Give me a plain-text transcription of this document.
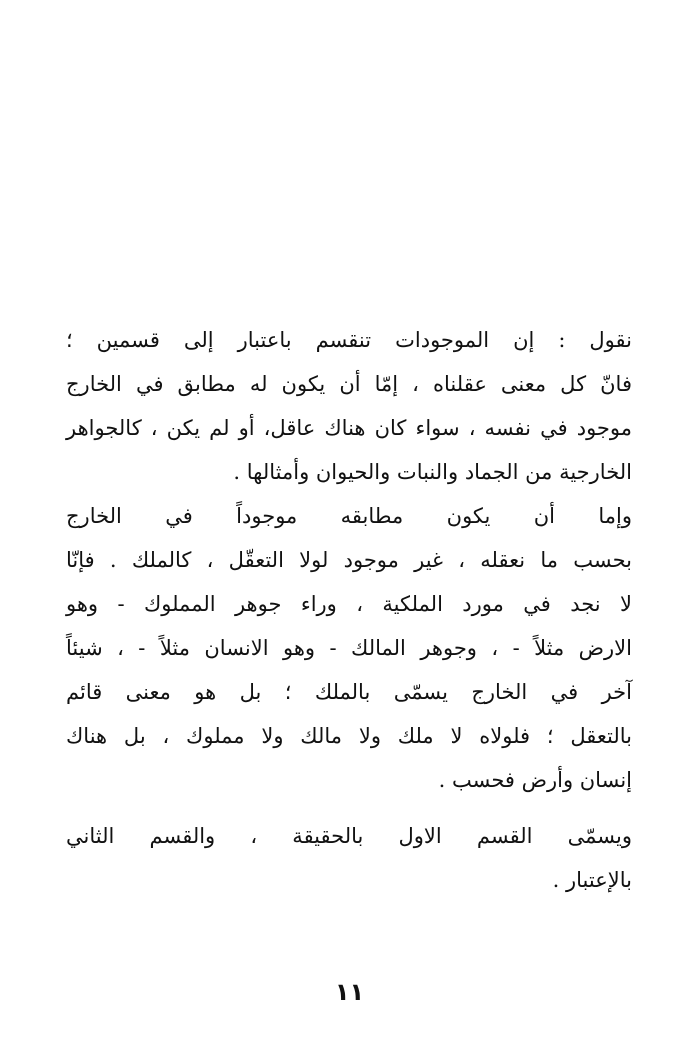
نقول : إن الموجودات تنقسم باعتبار إلى قسمين ؛
فانّ كل معنى عقلناه ، إمّا أن يكون له مطابق في الخارج
موجود في نفسه ، سواء كان هناك عاقل، أو لم يكن ، كالجواهر
الخارجية من الجماد والنبات والحيوان وأمثالها .
وإما أن يكون مطابقه موجوداً في الخارج
بحسب ما نعقله ، غير موجود لولا التعقّل ، كالملك . فإنّا
لا نجد في مورد الملكية ، وراء جوهر المملوك - وهو
الارض مثلاً - ، وجوهر المالك - وهو الانسان مثلاً - ، شيئاً
آخر في الخارج يسمّى بالملك ؛ بل هو معنى قائم
بالتعقل ؛ فلولاه لا ملك ولا مالك ولا مملوك ، بل هناك
إنسان وأرض فحسب .
ويسمّى القسم الاول بالحقيقة ، والقسم الثاني
بالإعتبار .
١١
